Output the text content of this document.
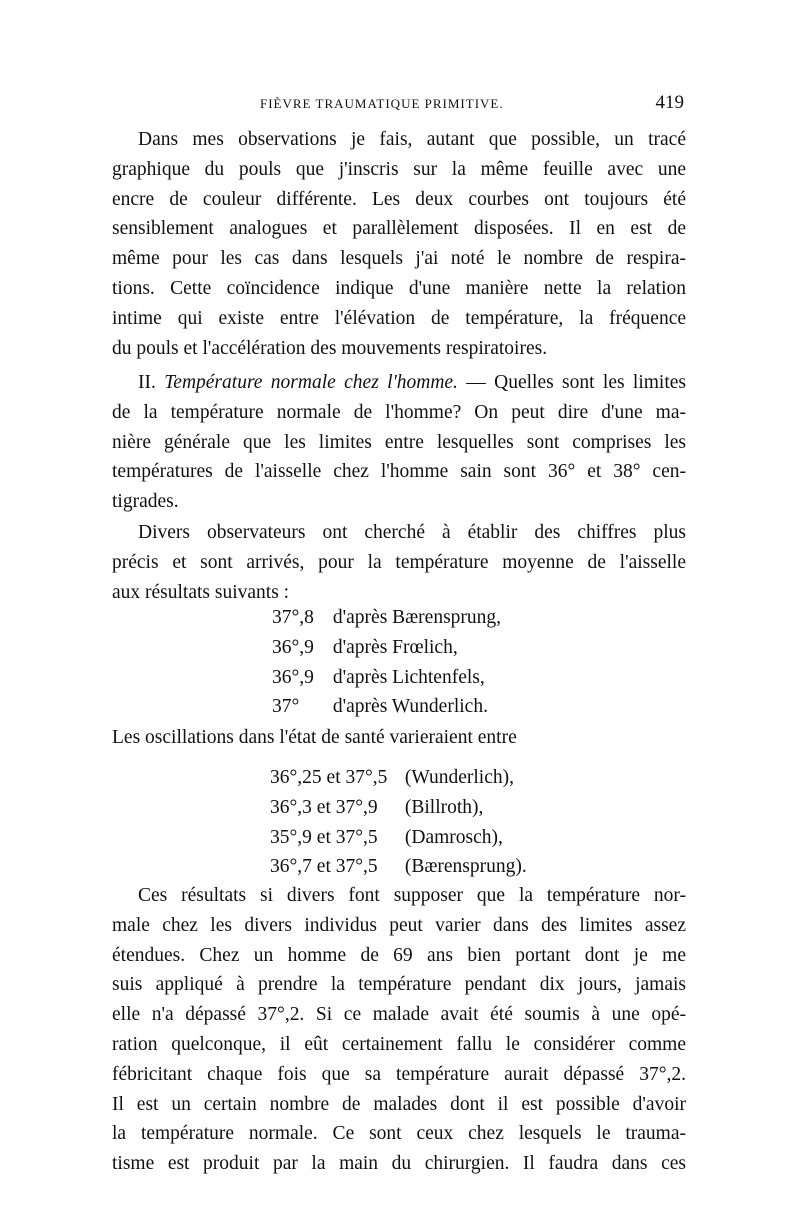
FIÈVRE TRAUMATIQUE PRIMITIVE.	419
Dans mes observations je fais, autant que possible, un tracé
graphique du pouls que j'inscris sur la même feuille avec une
encre de couleur différente. Les deux courbes ont toujours été
sensiblement analogues et parallèlement disposées. Il en est de
même pour les cas dans lesquels j'ai noté le nombre de respira-
tions. Cette coïncidence indique d'une manière nette la relation
intime qui existe entre l'élévation de température, la fréquence
du pouls et l'accélération des mouvements respiratoires.
II. Température normale chez l'homme. — Quelles sont les limites
de la température normale de l'homme? On peut dire d'une ma-
nière générale que les limites entre lesquelles sont comprises les
températures de l'aisselle chez l'homme sain sont 36° et 38° cen-
tigrades.
Divers observateurs ont cherché à établir des chiffres plus
précis et sont arrivés, pour la température moyenne de l'aisselle
aux résultats suivants :
37°,8 d'après Bærensprung,
36°,9 d'après Frœlich,
36°,9 d'après Lichtenfels,
37° d'après Wunderlich.
Les oscillations dans l'état de santé varieraient entre
36°,25 et 37°,5 (Wunderlich),
36°,3 et 37°,9 (Billroth),
35°,9 et 37°,5 (Damrosch),
36°,7 et 37°,5 (Bærensprung).
Ces résultats si divers font supposer que la température nor-
male chez les divers individus peut varier dans des limites assez
étendues. Chez un homme de 69 ans bien portant dont je me
suis appliqué à prendre la température pendant dix jours, jamais
elle n'a dépassé 37°,2. Si ce malade avait été soumis à une opé-
ration quelconque, il eût certainement fallu le considérer comme
fébricitant chaque fois que sa température aurait dépassé 37°,2.
Il est un certain nombre de malades dont il est possible d'avoir
la température normale. Ce sont ceux chez lesquels le trauma-
tisme est produit par la main du chirurgien. Il faudra dans ces
